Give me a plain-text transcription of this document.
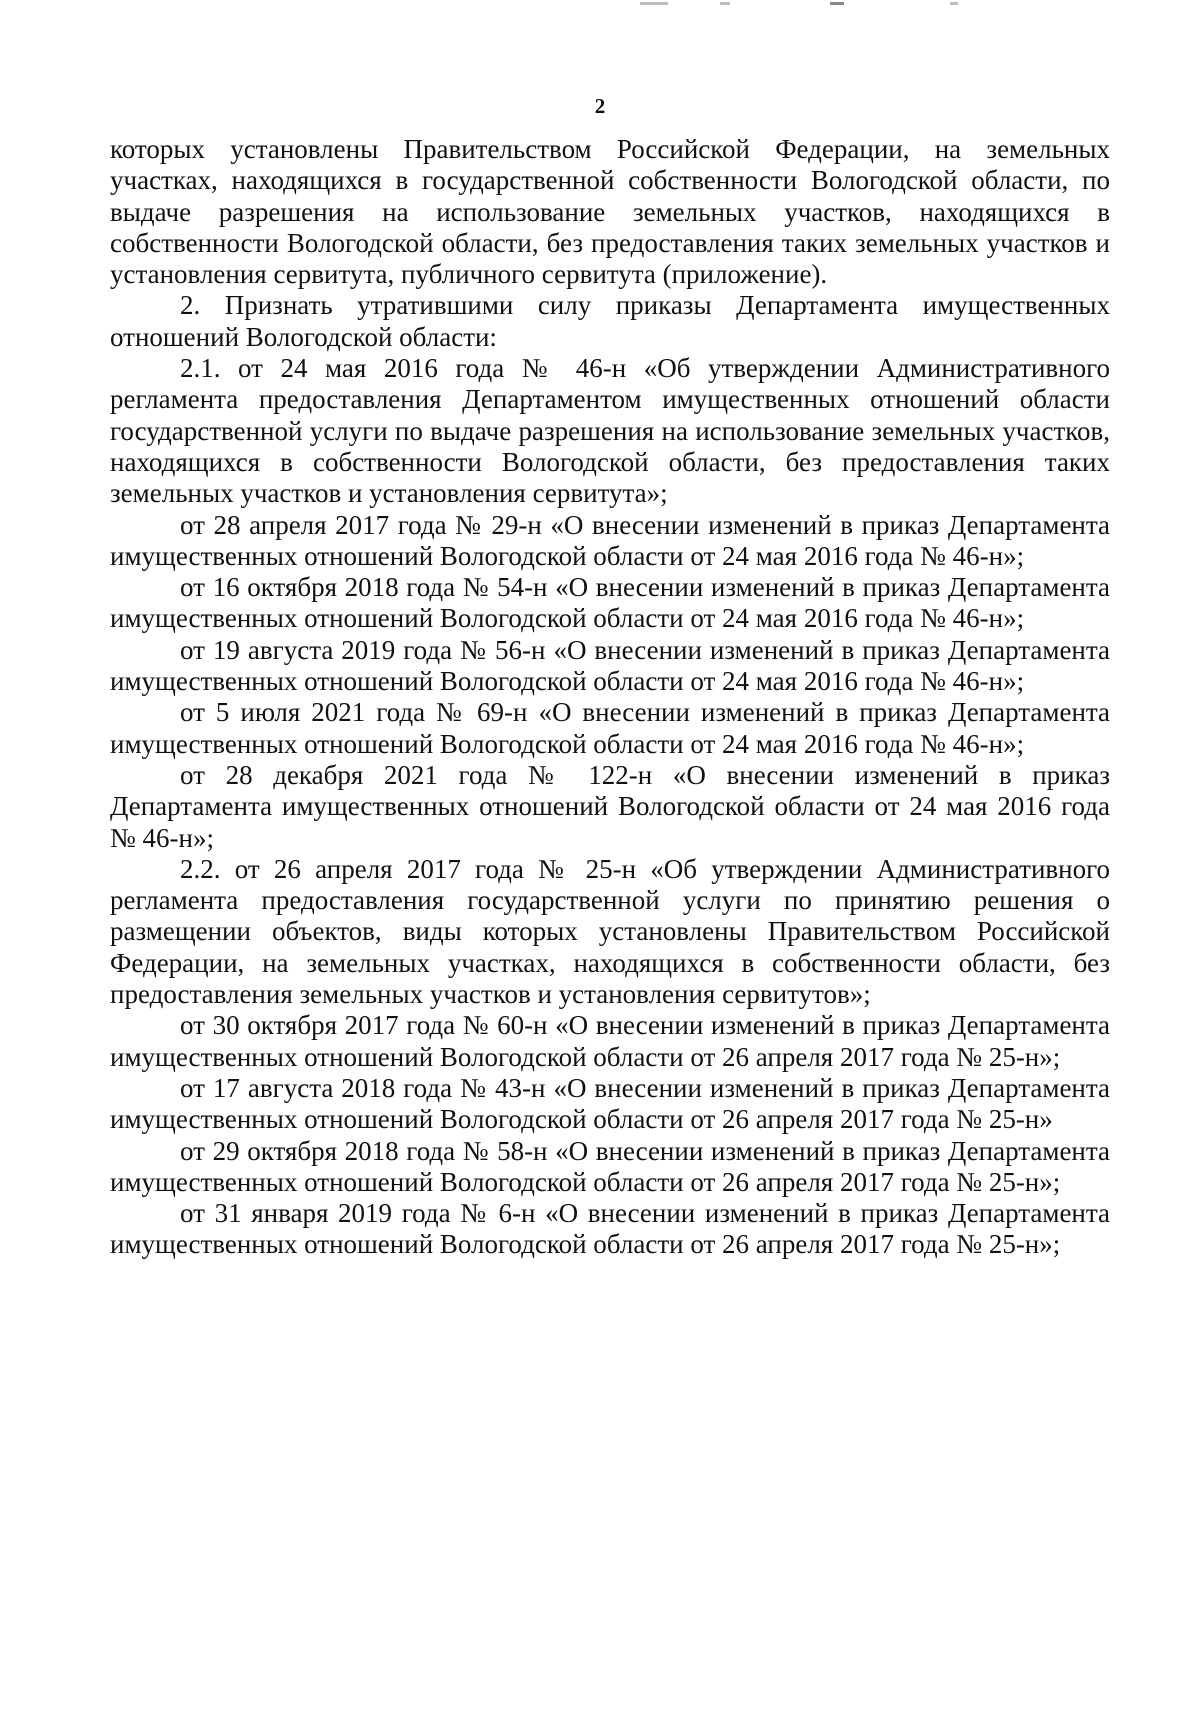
2

которых установлены Правительством Российской Федерации, на земельных участках, находящихся в государственной собственности Вологодской области, по выдаче разрешения на использование земельных участков, находящихся в собственности Вологодской области, без предоставления таких земельных участков и установления сервитута, публичного сервитута (приложение).

2. Признать утратившими силу приказы Департамента имущественных отношений Вологодской области:

2.1. от 24 мая 2016 года № 46-н «Об утверждении Административного регламента предоставления Департаментом имущественных отношений области государственной услуги по выдаче разрешения на использование земельных участков, находящихся в собственности Вологодской области, без предоставления таких земельных участков и установления сервитута»;

от 28 апреля 2017 года № 29-н «О внесении изменений в приказ Департамента имущественных отношений Вологодской области от 24 мая 2016 года № 46-н»;

от 16 октября 2018 года № 54-н «О внесении изменений в приказ Департамента имущественных отношений Вологодской области от 24 мая 2016 года № 46-н»;

от 19 августа 2019 года № 56-н «О внесении изменений в приказ Департамента имущественных отношений Вологодской области от 24 мая 2016 года № 46-н»;

от 5 июля 2021 года № 69-н «О внесении изменений в приказ Департамента имущественных отношений Вологодской области от 24 мая 2016 года № 46-н»;

от 28 декабря 2021 года № 122-н «О внесении изменений в приказ Департамента имущественных отношений Вологодской области от 24 мая 2016 года № 46-н»;

2.2. от 26 апреля 2017 года № 25-н «Об утверждении Административного регламента предоставления государственной услуги по принятию решения о размещении объектов, виды которых установлены Правительством Российской Федерации, на земельных участках, находящихся в собственности области, без предоставления земельных участков и установления сервитутов»;

от 30 октября 2017 года № 60-н «О внесении изменений в приказ Департамента имущественных отношений Вологодской области от 26 апреля 2017 года № 25-н»;

от 17 августа 2018 года № 43-н «О внесении изменений в приказ Департамента имущественных отношений Вологодской области от 26 апреля 2017 года № 25-н»

от 29 октября 2018 года № 58-н «О внесении изменений в приказ Департамента имущественных отношений Вологодской области от 26 апреля 2017 года № 25-н»;

от 31 января 2019 года № 6-н «О внесении изменений в приказ Департамента имущественных отношений Вологодской области от 26 апреля 2017 года № 25-н»;
